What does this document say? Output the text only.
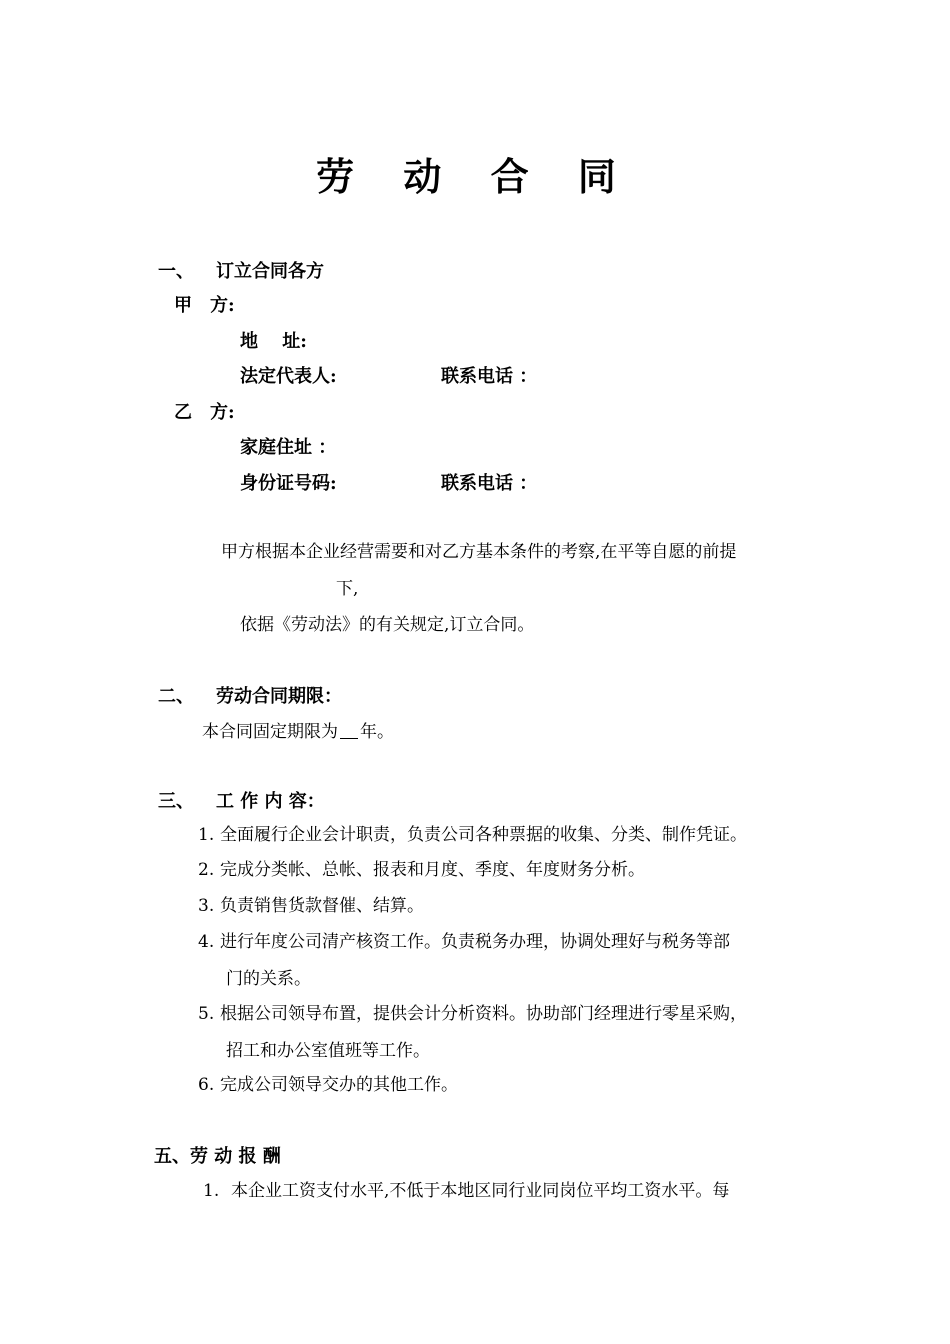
劳 动 合 同
一、 订立合同各方
甲　方:
地　 址:
法定代表人:	联系电话 ：
乙　方:
家庭住址 ：
身份证号码:	联系电话 ：
甲方根据本企业经营需要和对乙方基本条件的考察,在平等自愿的前提
下,
依据《劳动法》的有关规定,订立合同。
二、 劳动合同期限：
本合同固定期限为 年。
三、 工 作 内 容：
1. 全面履行企业会计职责，负责公司各种票据的收集、分类、制作凭证。
2. 完成分类帐、总帐、报表和月度、季度、年度财务分析。
3. 负责销售货款督催、结算。
4. 进行年度公司清产核资工作。负责税务办理，协调处理好与税务等部
门的关系。
5. 根据公司领导布置，提供会计分析资料。协助部门经理进行零星采购，
招工和办公室值班等工作。
6. 完成公司领导交办的其他工作。
五、劳 动 报 酬
1. 本企业工资支付水平,不低于本地区同行业同岗位平均工资水平。每
